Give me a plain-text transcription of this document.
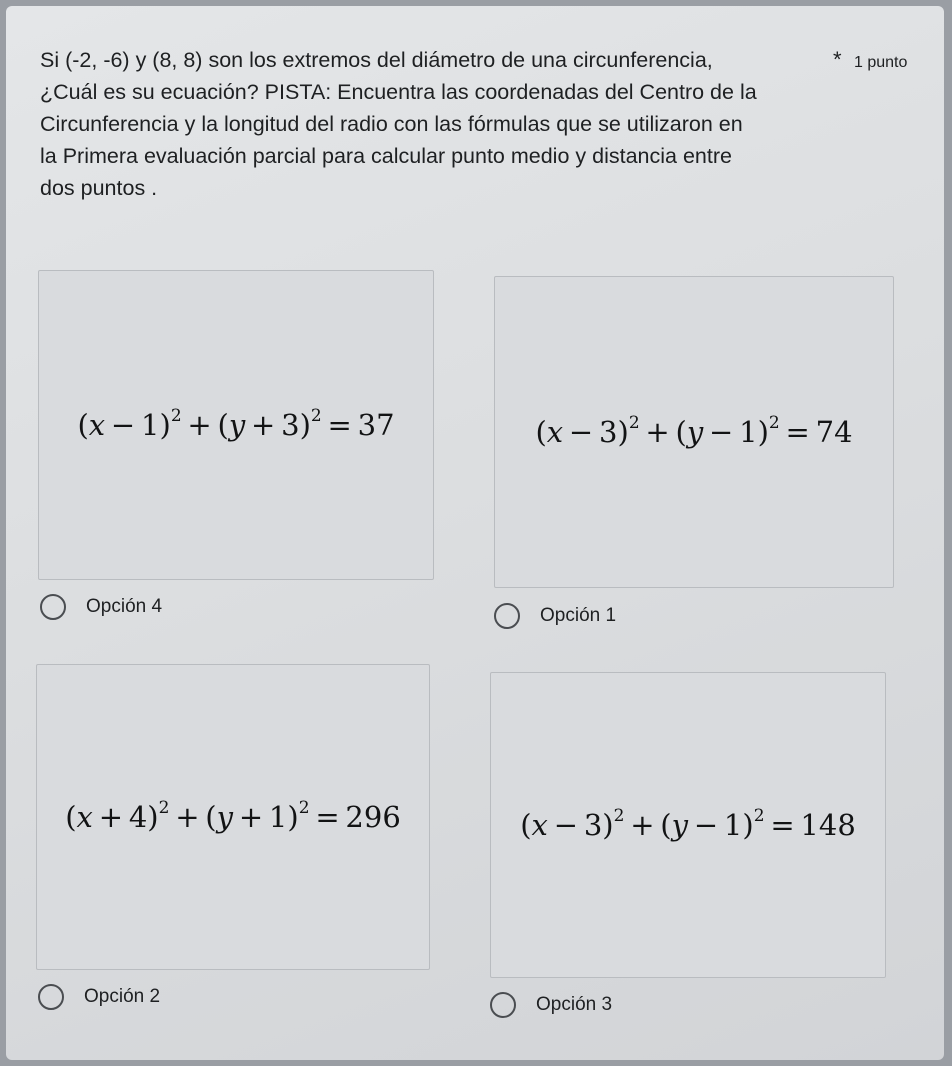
Si (-2, -6) y (8, 8) son los extremos del diámetro de una circunferencia,
¿Cuál es su ecuación? PISTA: Encuentra las coordenadas del Centro de la
Circunferencia y la longitud del radio con las fórmulas que se utilizaron en
la Primera evaluación parcial para calcular punto medio y distancia entre
dos puntos .

* 1 punto
$(x - 1)^2 + (y + 3)^2 = 37$
Opción 4
$(x - 3)^2 + (y - 1)^2 = 74$
Opción 1
$(x + 4)^2 + (y + 1)^2 = 296$
Opción 2
$(x - 3)^2 + (y - 1)^2 = 148$
Opción 3
